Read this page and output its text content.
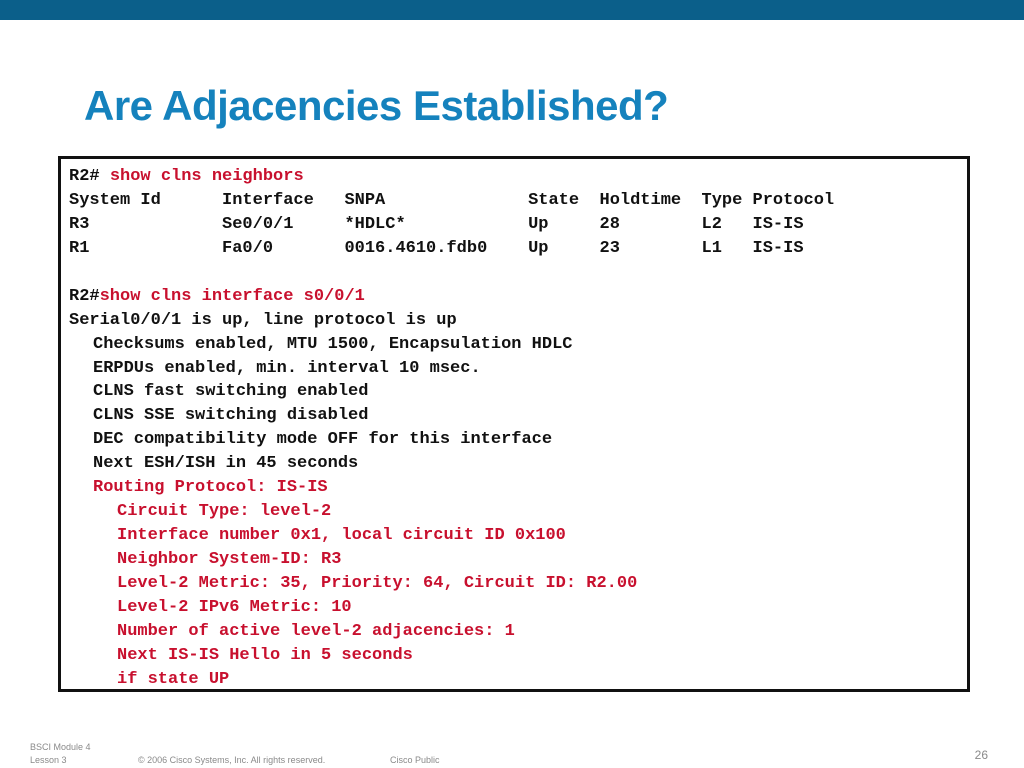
Are Adjacencies Established?
R2# show clns neighbors
System Id      Interface   SNPA              State  Holdtime  Type Protocol
R3             Se0/0/1     *HDLC*            Up     28        L2   IS-IS
R1             Fa0/0       0016.4610.fdb0    Up     23        L1   IS-IS
R2#show clns interface s0/0/1
Serial0/0/1 is up, line protocol is up
Checksums enabled, MTU 1500, Encapsulation HDLC
ERPDUs enabled, min. interval 10 msec.
CLNS fast switching enabled
CLNS SSE switching disabled
DEC compatibility mode OFF for this interface
Next ESH/ISH in 45 seconds
Routing Protocol: IS-IS
Circuit Type: level-2
Interface number 0x1, local circuit ID 0x100
Neighbor System-ID: R3
Level-2 Metric: 35, Priority: 64, Circuit ID: R2.00
Level-2 IPv6 Metric: 10
Number of active level-2 adjacencies: 1
Next IS-IS Hello in 5 seconds
if state UP
BSCI Module 4
Lesson 3	© 2006 Cisco Systems, Inc. All rights reserved.	Cisco Public	26
